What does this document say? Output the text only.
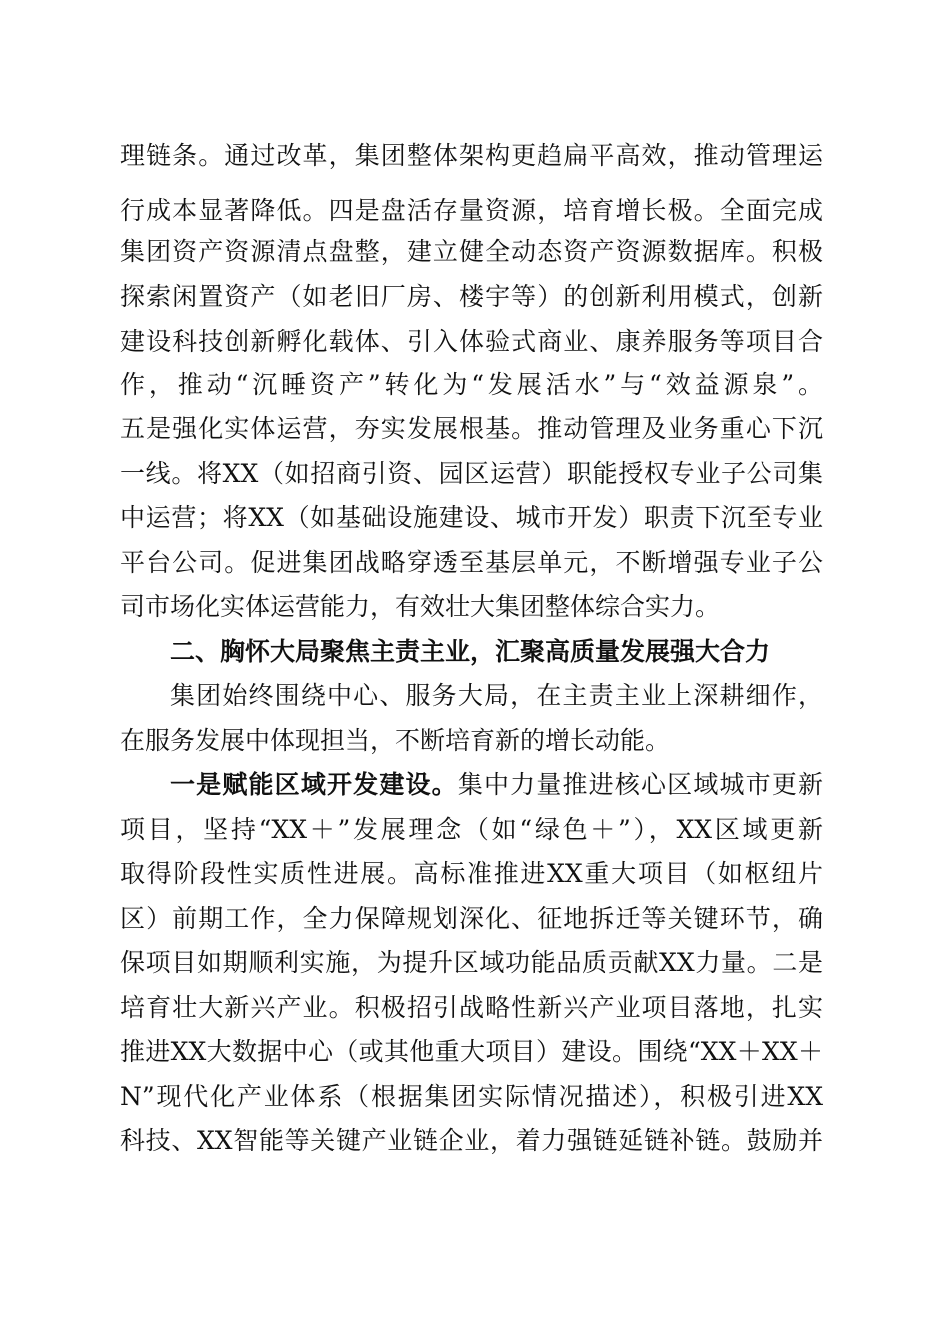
理链条。通过改革，集团整体架构更趋扁平高效，推动管理运
行成本显著降低。四是盘活存量资源，培育增长极。全面完成
集团资产资源清点盘整，建立健全动态资产资源数据库。积极
探索闲置资产（如老旧厂房、楼宇等）的创新利用模式，创新
建设科技创新孵化载体、引入体验式商业、康养服务等项目合
作，推动“沉睡资产”转化为“发展活水”与“效益源泉”。
五是强化实体运营，夯实发展根基。推动管理及业务重心下沉
一线。将XX（如招商引资、园区运营）职能授权专业子公司集
中运营；将XX（如基础设施建设、城市开发）职责下沉至专业
平台公司。促进集团战略穿透至基层单元，不断增强专业子公
司市场化实体运营能力，有效壮大集团整体综合实力。
二、胸怀大局聚焦主责主业，汇聚高质量发展强大合力
集团始终围绕中心、服务大局，在主责主业上深耕细作，
在服务发展中体现担当，不断培育新的增长动能。
一是赋能区域开发建设。集中力量推进核心区域城市更新
项目，坚持“XX＋”发展理念（如“绿色＋”），XX区域更新
取得阶段性实质性进展。高标准推进XX重大项目（如枢纽片
区）前期工作，全力保障规划深化、征地拆迁等关键环节，确
保项目如期顺利实施，为提升区域功能品质贡献XX力量。二是
培育壮大新兴产业。积极招引战略性新兴产业项目落地，扎实
推进XX大数据中心（或其他重大项目）建设。围绕“XX＋XX＋
N”现代化产业体系（根据集团实际情况描述），积极引进XX
科技、XX智能等关键产业链企业，着力强链延链补链。鼓励并
